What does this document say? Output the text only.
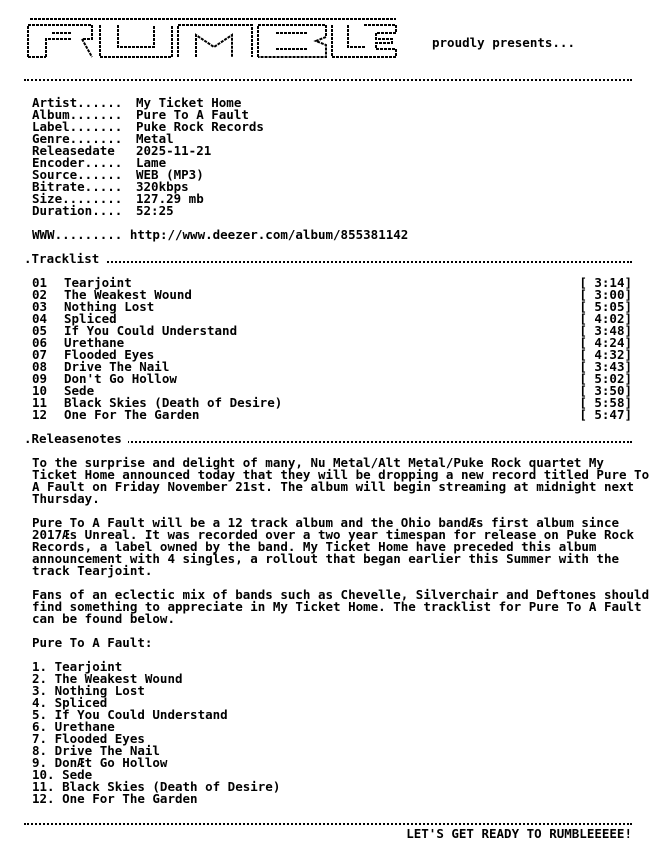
proudly presents...
Artist...... My Ticket Home
Album....... Pure To A Fault
Label....... Puke Rock Records
Genre....... Metal
Releasedate 2025-11-21
Encoder..... Lame
Source...... WEB (MP3)
Bitrate..... 320kbps
Size........ 127.29 mb
Duration.... 52:25
WWW......... http://www.deezer.com/album/855381142
.Tracklist
01 Tearjoint	[ 3:14]
02 The Weakest Wound	[ 3:00]
03 Nothing Lost	[ 5:05]
04 Spliced	[ 4:02]
05 If You Could Understand	[ 3:48]
06 Urethane	[ 4:24]
07 Flooded Eyes	[ 4:32]
08 Drive The Nail	[ 3:43]
09 Don't Go Hollow	[ 5:02]
10 Sede	[ 3:50]
11 Black Skies (Death of Desire)	[ 5:58]
12 One For The Garden	[ 5:47]
.Releasenotes
To the surprise and delight of many, Nu Metal/Alt Metal/Puke Rock quartet My Ticket Home announced today that they will be dropping a new record titled Pure To A Fault on Friday November 21st. The album will begin streaming at midnight next Thursday.
Pure To A Fault will be a 12 track album and the Ohio bandÆs first album since 2017Æs Unreal. It was recorded over a two year timespan for release on Puke Rock Records, a label owned by the band. My Ticket Home have preceded this album announcement with 4 singles, a rollout that began earlier this Summer with the track Tearjoint.
Fans of an eclectic mix of bands such as Chevelle, Silverchair and Deftones should find something to appreciate in My Ticket Home. The tracklist for Pure To A Fault can be found below.
Pure To A Fault:
1. Tearjoint
2. The Weakest Wound
3. Nothing Lost
4. Spliced
5. If You Could Understand
6. Urethane
7. Flooded Eyes
8. Drive The Nail
9. DonÆt Go Hollow
10. Sede
11. Black Skies (Death of Desire)
12. One For The Garden
LET'S GET READY TO RUMBLEEEEE!
